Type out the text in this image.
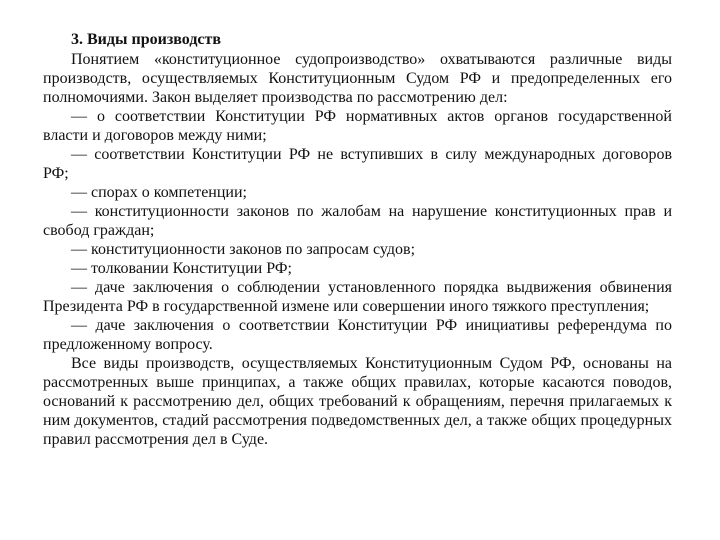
3. Виды производств

Понятием «конституционное судопроизводство» охватываются различные виды производств, осуществляемых Конституционным Судом РФ и предопределенных его полномочиями. Закон выделяет производства по рассмотрению дел:

— о соответствии Конституции РФ нормативных актов органов государственной власти и договоров между ними;

— соответствии Конституции РФ не вступивших в силу международных договоров РФ;

— спорах о компетенции;

— конституционности законов по жалобам на нарушение конституционных прав и свобод граждан;

— конституционности законов по запросам судов;

— толковании Конституции РФ;

— даче заключения о соблюдении установленного порядка выдвижения обвинения Президента РФ в государственной измене или совершении иного тяжкого преступления;

— даче заключения о соответствии Конституции РФ инициативы референдума по предложенному вопросу.

Все виды производств, осуществляемых Конституционным Судом РФ, основаны на рассмотренных выше принципах, а также общих правилах, которые касаются поводов, оснований к рассмотрению дел, общих требований к обращениям, перечня прилагаемых к ним документов, стадий рассмотрения подведомственных дел, а также общих процедурных правил рассмотрения дел в Суде.
